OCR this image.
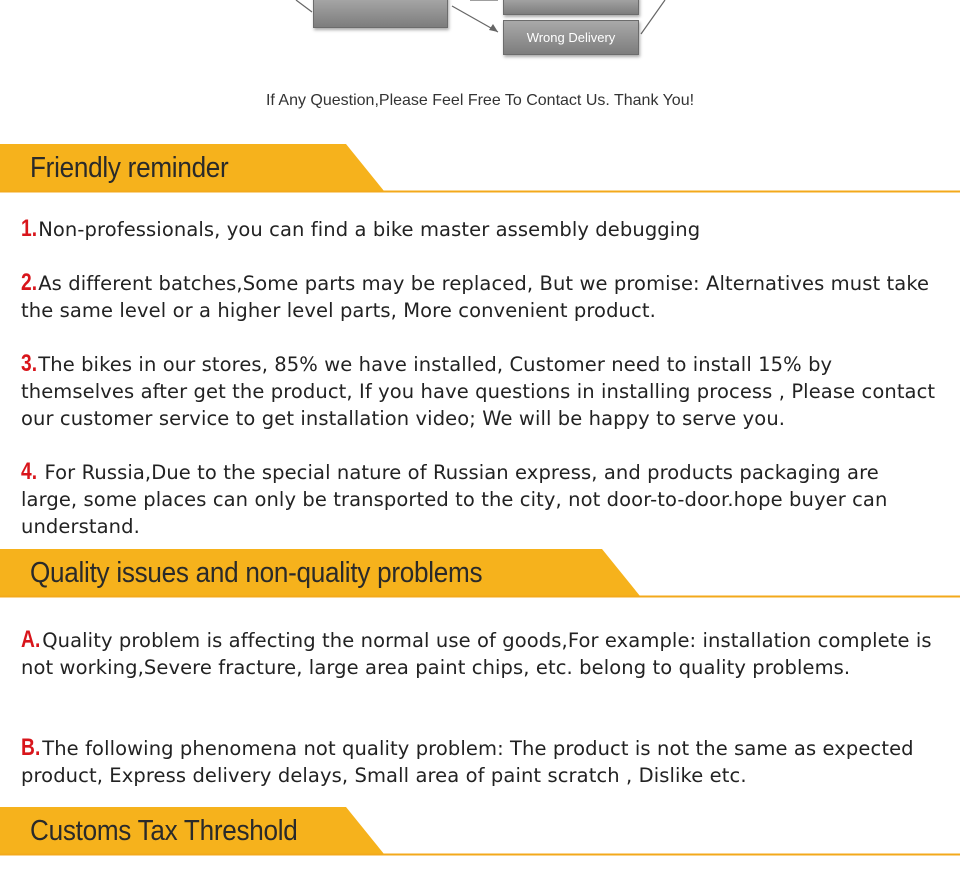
Wrong Delivery
If Any Question,Please Feel Free To Contact Us. Thank You!
Friendly reminder
1.Non-professionals, you can find a bike master assembly debugging
2.As different batches,Some parts may be replaced, But we promise: Alternatives must take the same level or a higher level parts, More convenient product.
3.The bikes in our stores, 85% we have installed, Customer need to install 15% by themselves after get the product, If you have questions in installing process , Please contact our customer service to get installation video; We will be happy to serve you.
4. For Russia,Due to the special nature of Russian express, and products packaging are large, some places can only be transported to the city, not door-to-door.hope buyer can understand.
Quality issues and non-quality problems
A.Quality problem is affecting the normal use of goods,For example: installation complete is not working,Severe fracture, large area paint chips, etc. belong to quality problems.
B.The following phenomena not quality problem: The product is not the same as expected product, Express delivery delays, Small area of paint scratch , Dislike etc.
Customs Tax Threshold
